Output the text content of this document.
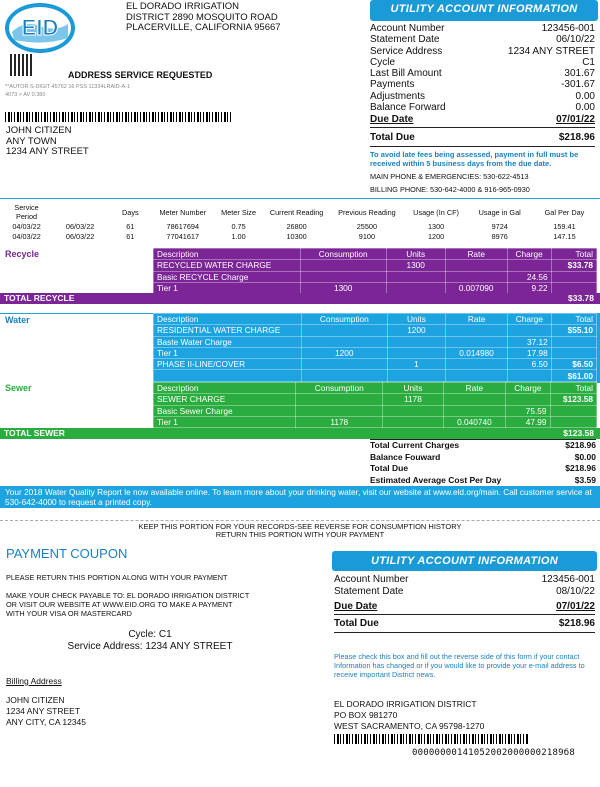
EID
EL DORADO IRRIGATION
DISTRICT 2890 MOSQUITO ROAD
PLACERVILLE, CALIFORNIA 95667
ADDRESS SERVICE REQUESTED
**AUTOR S-DIGIT 45762 16 PSS 11334LRAID-A-1
4073 > AV 0.380
JOHN CITIZEN
ANY TOWN
1234 ANY STREET
UTILITY ACCOUNT INFORMATION
Account Number	123456-001
Statement Date	06/10/22
Service Address	1234 ANY STREET
Cycle	C1
Last Bill Amount	301.67
Payments	-301.67
Adjustments	0.00
Balance Forward	0.00
Due Date	07/01/22
Total Due	$218.96
To avoid late fees being assessed, payment in full must be received within 5 business days from the due date.
MAIN PHONE & EMERGENCIES: 530-622-4513
BILLING PHONE: 530-642-4000 & 916-965-0930
Service Period		Days	Meter Number	Meter Size	Current Reading	Previous Reading	Usage (In CF)	Usage in Gal	Gal Per Day
04/03/22	06/03/22	61	78617694	0.75	26800	25500	1300	9724	159.41
04/03/22	06/03/22	61	77041617	1.00	10300	9100	1200	8976	147.15
Recycle	Description	Consumption	Units	Rate	Charge	Total
RECYCLED WATER CHARGE		1300			$33.78
Basic RECYCLE Charge				24.56	
Tier 1	1300		0.007090	9.22	
TOTAL RECYCLE	$33.78
Water	Description	Consumption	Units	Rate	Charge	Total
RESIDENTIAL WATER CHARGE		1200			$55.10
Baste Water Charge				37.12	
Tier 1	1200		0.014980	17.98	
PHASE II-LINE/COVER		1		6.50	$6.50
					$61.00
Sewer	Description	Consumption	Units	Rate	Charge	Total
SEWER CHARGE		1178			$123.58
Basic Sewer Charge				75.59	
Tier 1	1178		0.040740	47.99	
TOTAL SEWER	$123.58
Total Current Charges	$218.96
Balance Fouward	$0.00
Total Due	$218.96
Estimated Average Cost Per Day	$3.59
Your 2018 Water Quality Report le now available online. To learn more about your drinking water, visit our website at www.eld.org/main. Call customer service at 530-642-4000 to request a printed copy.
KEEP THIS PORTION FOR YOUR RECORDS-SEE REVERSE FOR CONSUMPTION HISTORY
RETURN THIS PORTION WITH YOUR PAYMENT
PAYMENT COUPON
PLEASE RETURN THIS PORTION ALONG WITH YOUR PAYMENT
MAKE YOUR CHECK PAYABLE TO: EL DORADO IRRIGATION DISTRICT
OR VISIT OUR WEBSITE AT WWW.EID.ORG TO MAKE A PAYMENT
WITH YOUR VISA OR MASTERCARD
Cycle: C1
Service Address: 1234 ANY STREET
Billing Address
JOHN CITIZEN
1234 ANY STREET
ANY CITY, CA 12345
UTILITY ACCOUNT INFORMATION
Account Number	123456-001
Statement Date	08/10/22
Due Date	07/01/22
Total Due	$218.96
Please check this box and fill out the reverse side of this form if your contact Information has changed or if you would like to provide your e-mail address to receive important District news.
EL DORADO IRRIGATION DISTRICT
PO BOX 981270
WEST SACRAMENTO, CA 95798-1270
000000001410520020000002189б8
